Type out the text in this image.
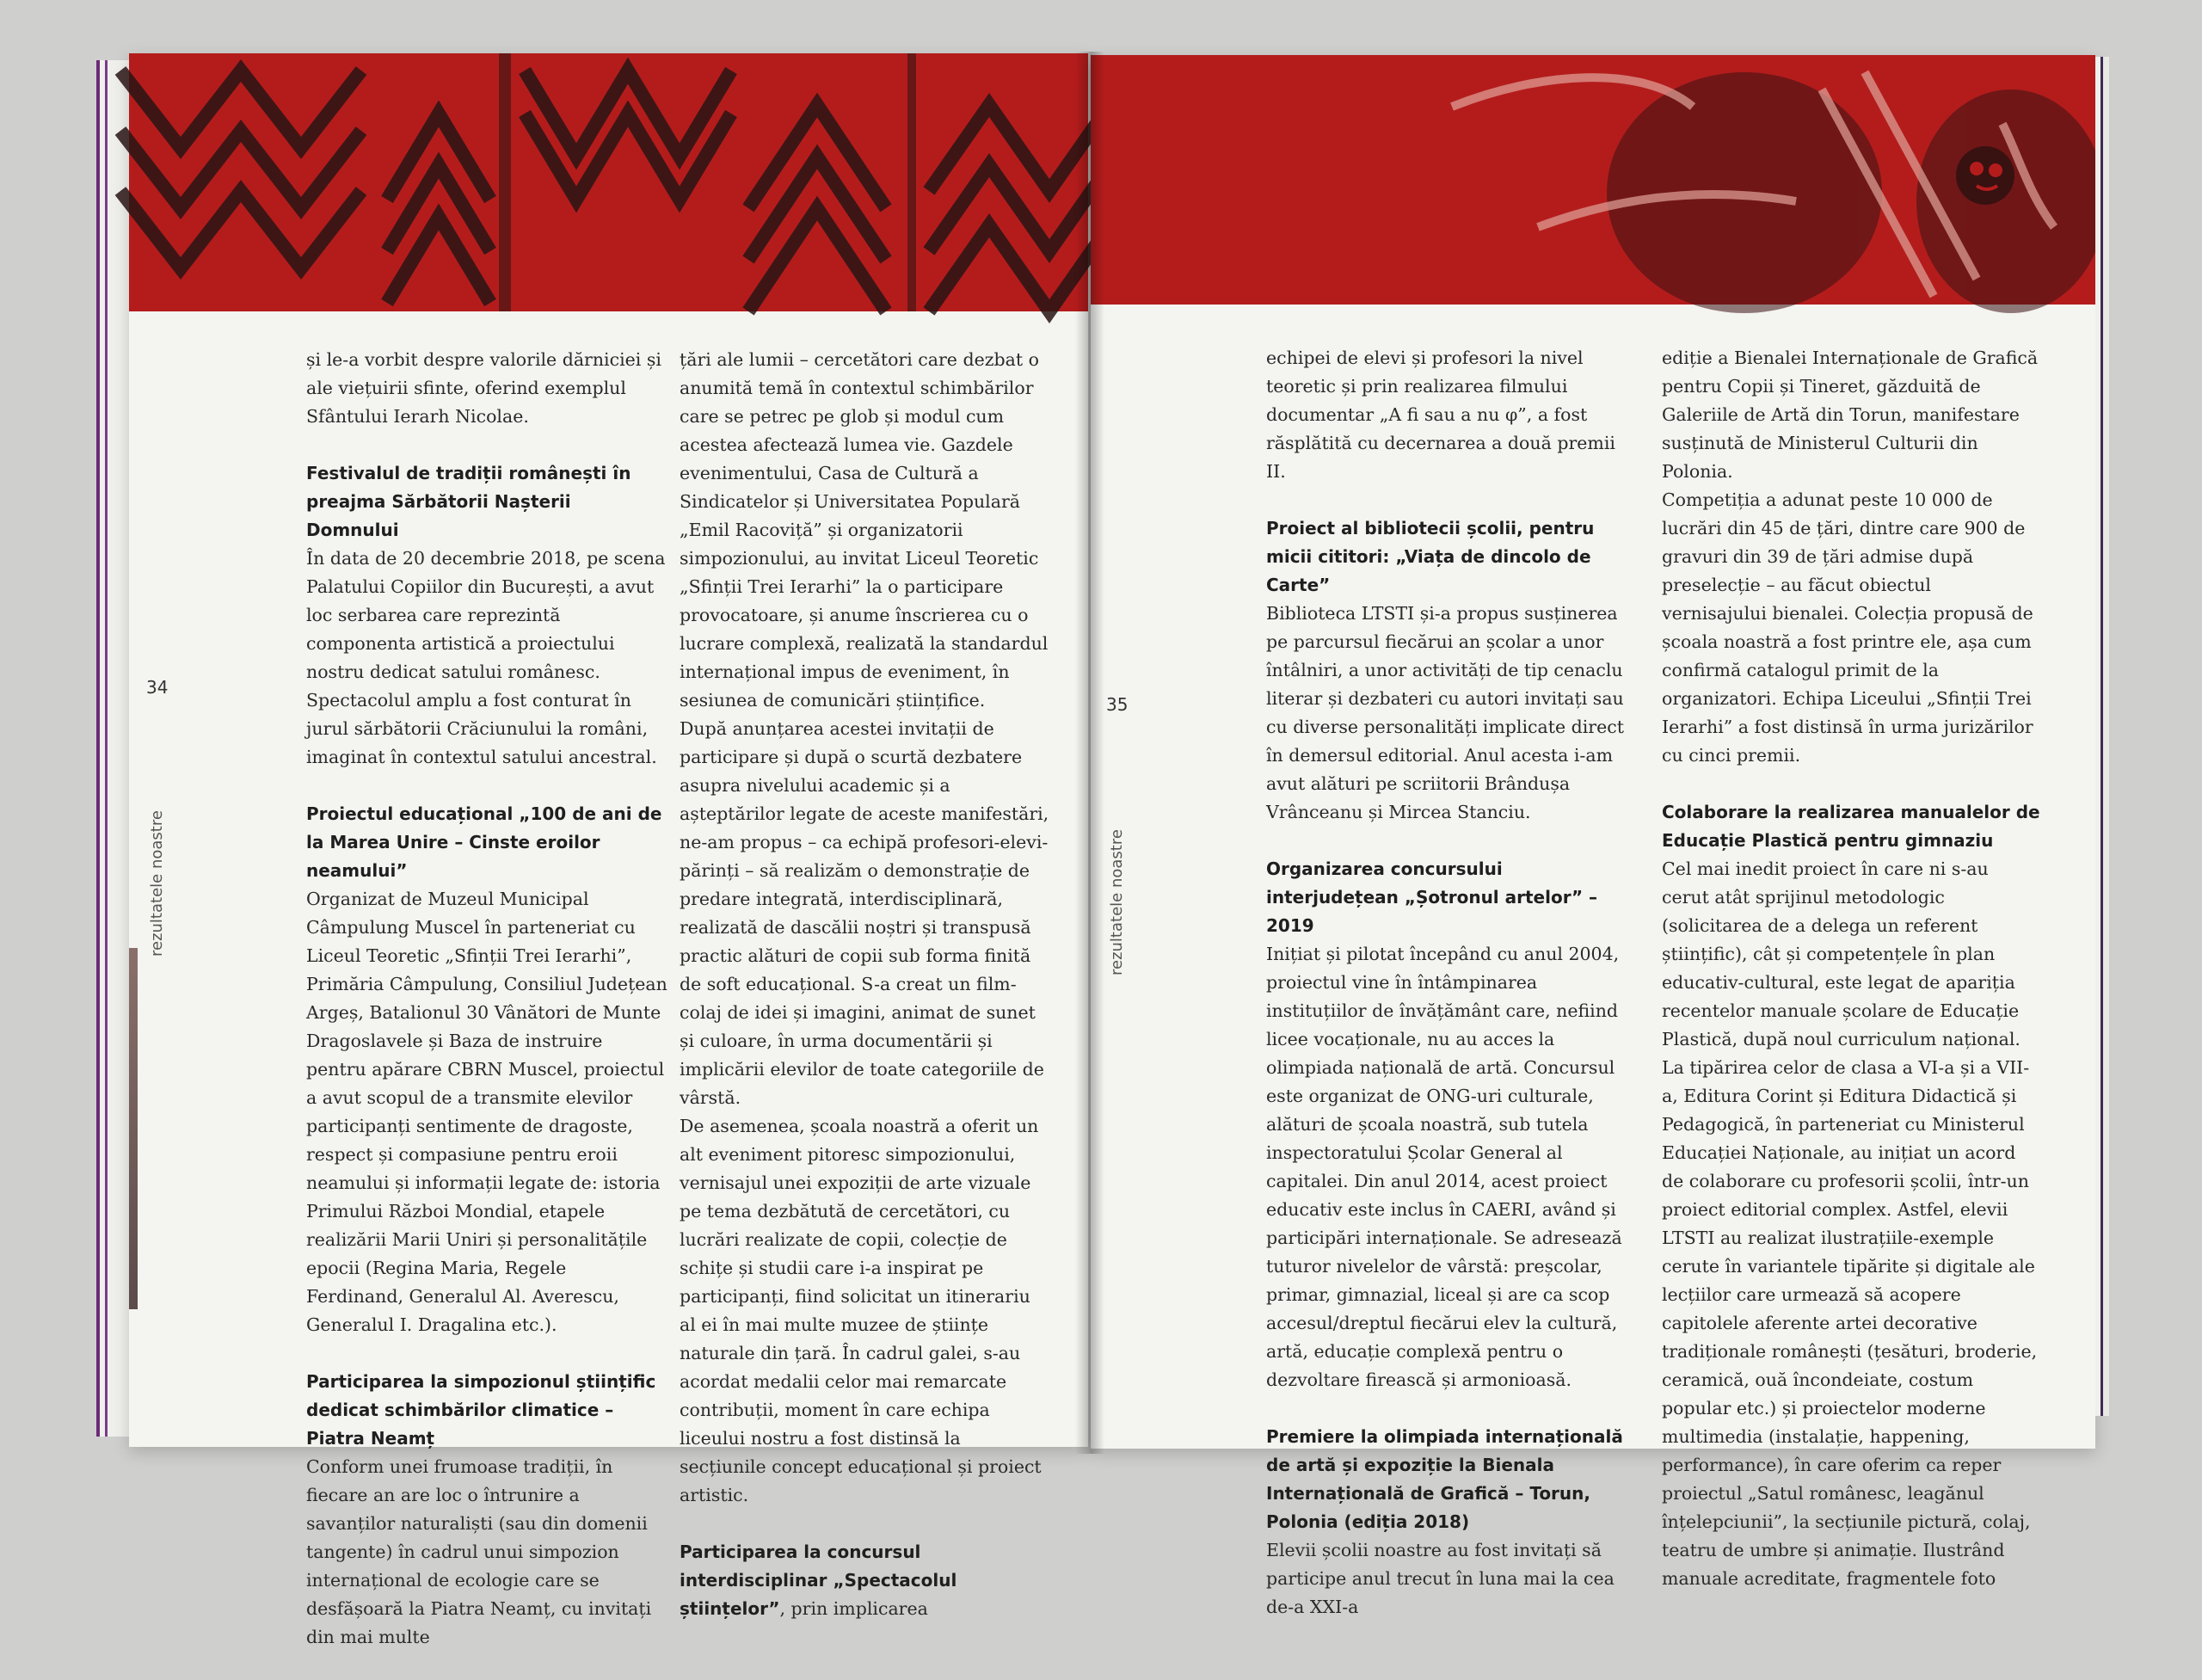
34
rezultatele noastre

și le-a vorbit despre valorile dărniciei și ale viețuirii sfinte, oferind exemplul Sfântului Ierarh Nicolae.

Festivalul de tradiții românești în preajma Sărbătorii Nașterii Domnului

În data de 20 decembrie 2018, pe scena Palatului Copiilor din București, a avut loc serbarea care reprezintă componenta artistică a proiectului nostru dedicat satului românesc. Spectacolul amplu a fost conturat în jurul sărbătorii Crăciunului la români, imaginat în contextul satului ancestral.

Proiectul educațional „100 de ani de la Marea Unire – Cinste eroilor neamului”

Organizat de Muzeul Municipal Câmpulung Muscel în parteneriat cu Liceul Teoretic „Sfinții Trei Ierarhi”, Primăria Câmpulung, Consiliul Județean Argeș, Batalionul 30 Vânători de Munte Dragoslavele și Baza de instruire pentru apărare CBRN Muscel, proiectul a avut scopul de a transmite elevilor participanți sentimente de dragoste, respect și compasiune pentru eroii neamului și informații legate de: istoria Primului Război Mondial, etapele realizării Marii Uniri și personalitățile epocii (Regina Maria, Regele Ferdinand, Generalul Al. Averescu, Generalul I. Dragalina etc.).

Participarea la simpozionul științific dedicat schimbărilor climatice – Piatra Neamț

Conform unei frumoase tradiții, în fiecare an are loc o întrunire a savanților naturaliști (sau din domenii tangente) în cadrul unui simpozion internațional de ecologie care se desfășoară la Piatra Neamț, cu invitați din mai multe

țări ale lumii – cercetători care dezbat o anumită temă în contextul schimbărilor care se petrec pe glob și modul cum acestea afectează lumea vie. Gazdele evenimentului, Casa de Cultură a Sindicatelor și Universitatea Populară „Emil Racoviță” și organizatorii simpozionului, au invitat Liceul Teoretic „Sfinții Trei Ierarhi” la o participare provocatoare, și anume înscrierea cu o lucrare complexă, realizată la standardul internațional impus de eveniment, în sesiunea de comunicări științifice.

După anunțarea acestei invitații de participare și după o scurtă dezbatere asupra nivelului academic și a așteptărilor legate de aceste manifestări, ne-am propus – ca echipă profesori-elevi-părinți – să realizăm o demonstrație de predare integrată, interdisciplinară, realizată de dascălii noștri și transpusă practic alături de copii sub forma finită de soft educațional. S-a creat un film-colaj de idei și imagini, animat de sunet și culoare, în urma documentării și implicării elevilor de toate categoriile de vârstă.

De asemenea, școala noastră a oferit un alt eveniment pitoresc simpozionului, vernisajul unei expoziții de arte vizuale pe tema dezbătută de cercetători, cu lucrări realizate de copii, colecție de schițe și studii care i-a inspirat pe participanți, fiind solicitat un itinerariu al ei în mai multe muzee de științe naturale din țară. În cadrul galei, s-au acordat medalii celor mai remarcate contribuții, moment în care echipa liceului nostru a fost distinsă la secțiunile concept educațional și proiect artistic.

Participarea la concursul interdisciplinar „Spectacolul științelor”, prin implicarea
35
rezultatele noastre

echipei de elevi și profesori la nivel teoretic și prin realizarea filmului documentar „A fi sau a nu φ”, a fost răsplătită cu decernarea a două premii II.

Proiect al bibliotecii școlii, pentru micii cititori: „Viața de dincolo de Carte”

Biblioteca LTSTI și-a propus susținerea pe parcursul fiecărui an școlar a unor întâlniri, a unor activități de tip cenaclu literar și dezbateri cu autori invitați sau cu diverse personalități implicate direct în demersul editorial. Anul acesta i-am avut alături pe scriitorii Brândușa Vrânceanu și Mircea Stanciu.

Organizarea concursului interjudețean „Șotronul artelor” – 2019

Inițiat și pilotat începând cu anul 2004, proiectul vine în întâmpinarea instituțiilor de învățământ care, nefiind licee vocaționale, nu au acces la olimpiada națională de artă. Concursul este organizat de ONG-uri culturale, alături de școala noastră, sub tutela inspectoratului Școlar General al capitalei. Din anul 2014, acest proiect educativ este inclus în CAERI, având și participări internaționale. Se adresează tuturor nivelelor de vârstă: preșcolar, primar, gimnazial, liceal și are ca scop accesul/dreptul fiecărui elev la cultură, artă, educație complexă pentru o dezvoltare firească și armonioasă.

Premiere la olimpiada internațională de artă și expoziție la Bienala Internațională de Grafică – Torun, Polonia (ediția 2018)

Elevii școlii noastre au fost invitați să participe anul trecut în luna mai la cea de-a XXI-a

ediție a Bienalei Internaționale de Grafică pentru Copii și Tineret, găzduită de Galeriile de Artă din Torun, manifestare susținută de Ministerul Culturii din Polonia.

Competiția a adunat peste 10 000 de lucrări din 45 de țări, dintre care 900 de gravuri din 39 de țări admise după preselecție – au făcut obiectul vernisajului bienalei. Colecția propusă de școala noastră a fost printre ele, așa cum confirmă catalogul primit de la organizatori. Echipa Liceului „Sfinții Trei Ierarhi” a fost distinsă în urma jurizărilor cu cinci premii.

Colaborare la realizarea manualelor de Educație Plastică pentru gimnaziu

Cel mai inedit proiect în care ni s-au cerut atât sprijinul metodologic (solicitarea de a delega un referent științific), cât și competențele în plan educativ-cultural, este legat de apariția recentelor manuale școlare de Educație Plastică, după noul curriculum național. La tipărirea celor de clasa a VI-a și a VII-a, Editura Corint și Editura Didactică și Pedagogică, în parteneriat cu Ministerul Educației Naționale, au inițiat un acord de colaborare cu profesorii școlii, într-un proiect editorial complex. Astfel, elevii LTSTI au realizat ilustrațiile-exemple cerute în variantele tipărite și digitale ale lecțiilor care urmează să acopere capitolele aferente artei decorative tradiționale românești (țesături, broderie, ceramică, ouă încondeiate, costum popular etc.) și proiectelor moderne multimedia (instalație, happening, performance), în care oferim ca reper proiectul „Satul românesc, leagănul înțelepciunii”, la secțiunile pictură, colaj, teatru de umbre și animație. Ilustrând manuale acreditate, fragmentele foto
